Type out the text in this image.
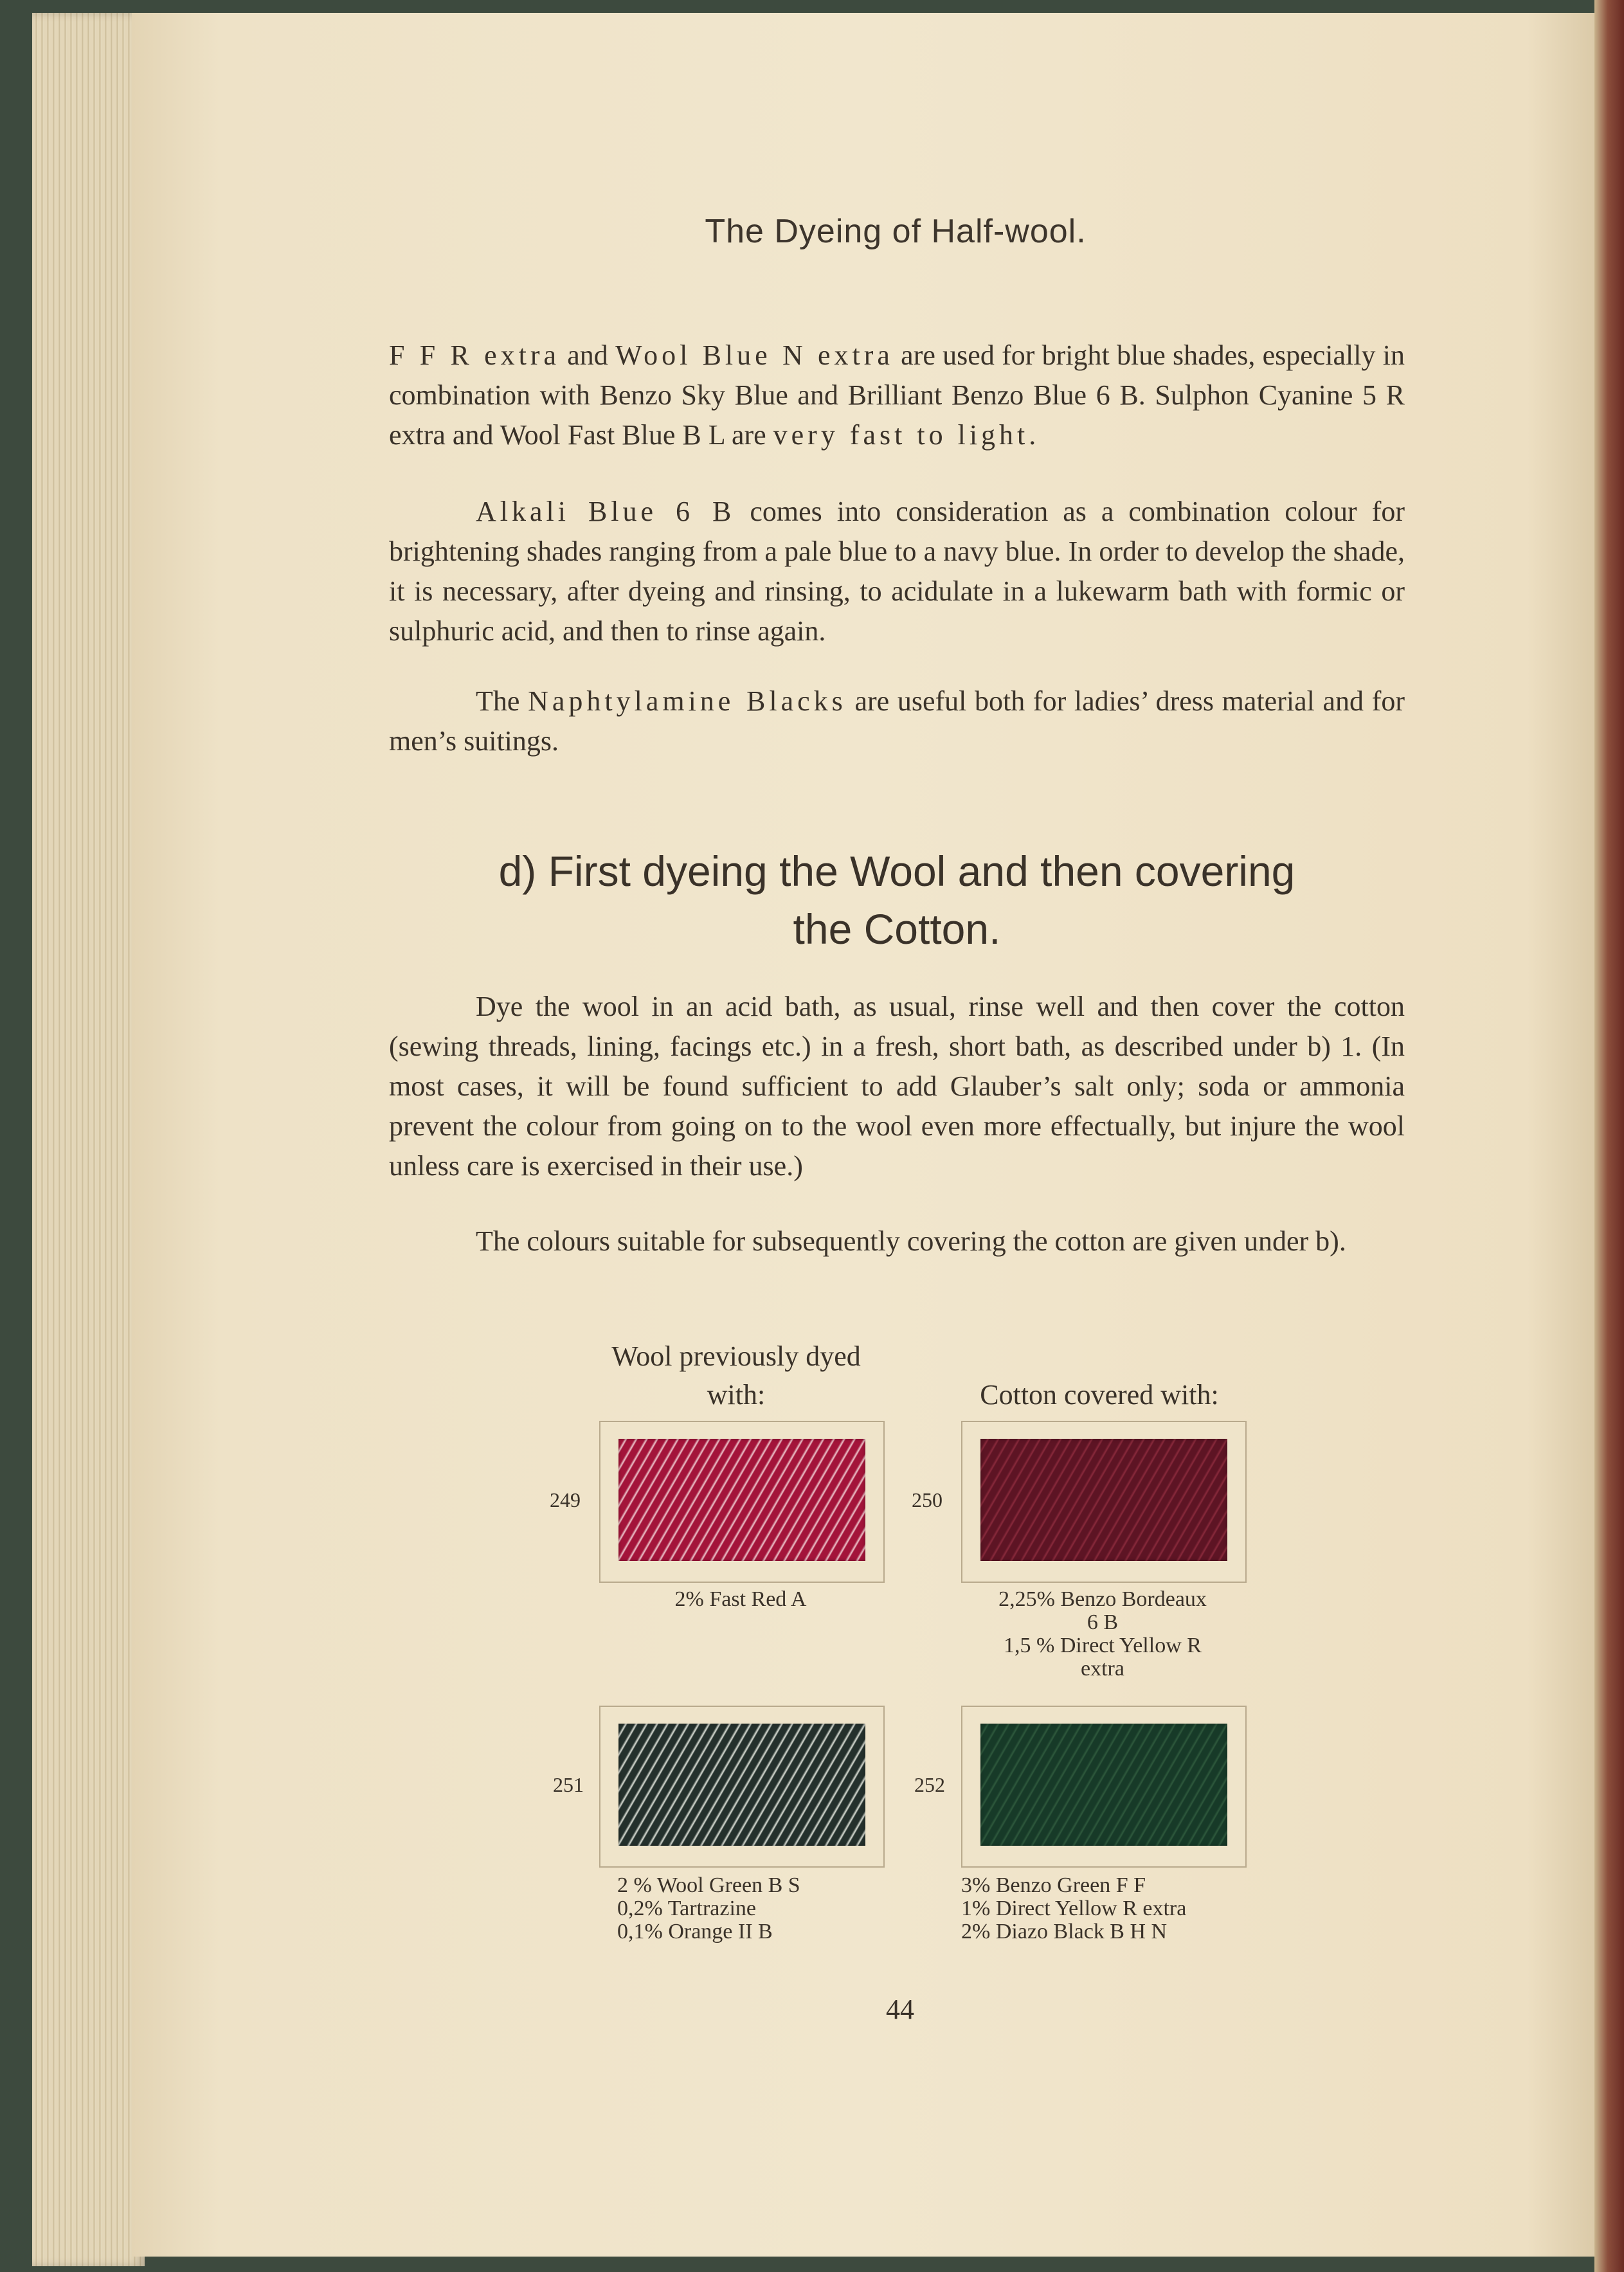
The Dyeing of Half-wool.
F F R extra and Wool Blue N extra are used for bright blue shades, especially in combination with Benzo Sky Blue and Brilliant Benzo Blue 6 B. Sulphon Cyanine 5 R extra and Wool Fast Blue B L are very fast to light.
Alkali Blue 6 B comes into consideration as a combination colour for brightening shades ranging from a pale blue to a navy blue. In order to develop the shade, it is necessary, after dyeing and rinsing, to acidulate in a lukewarm bath with formic or sulphuric acid, and then to rinse again.
The Naphtylamine Blacks are useful both for ladies’ dress material and for men’s suitings.
d) First dyeing the Wool and then covering
the Cotton.
Dye the wool in an acid bath, as usual, rinse well and then cover the cotton (sewing threads, lining, facings etc.) in a fresh, short bath, as described under b) 1. (In most cases, it will be found sufficient to add Glauber’s salt only; soda or ammonia prevent the colour from going on to the wool even more effectually, but injure the wool unless care is exercised in their use.)
The colours suitable for subsequently covering the cotton are given under b).
Wool previously dyed
with:	Cotton covered with:
249
2% Fast Red A
250
2,25% Benzo Bordeaux
6 B
1,5 % Direct Yellow R
extra
251
2 % Wool Green B S
0,2% Tartrazine
0,1% Orange II B
252
3% Benzo Green F F
1% Direct Yellow R extra
2% Diazo Black B H N
44
